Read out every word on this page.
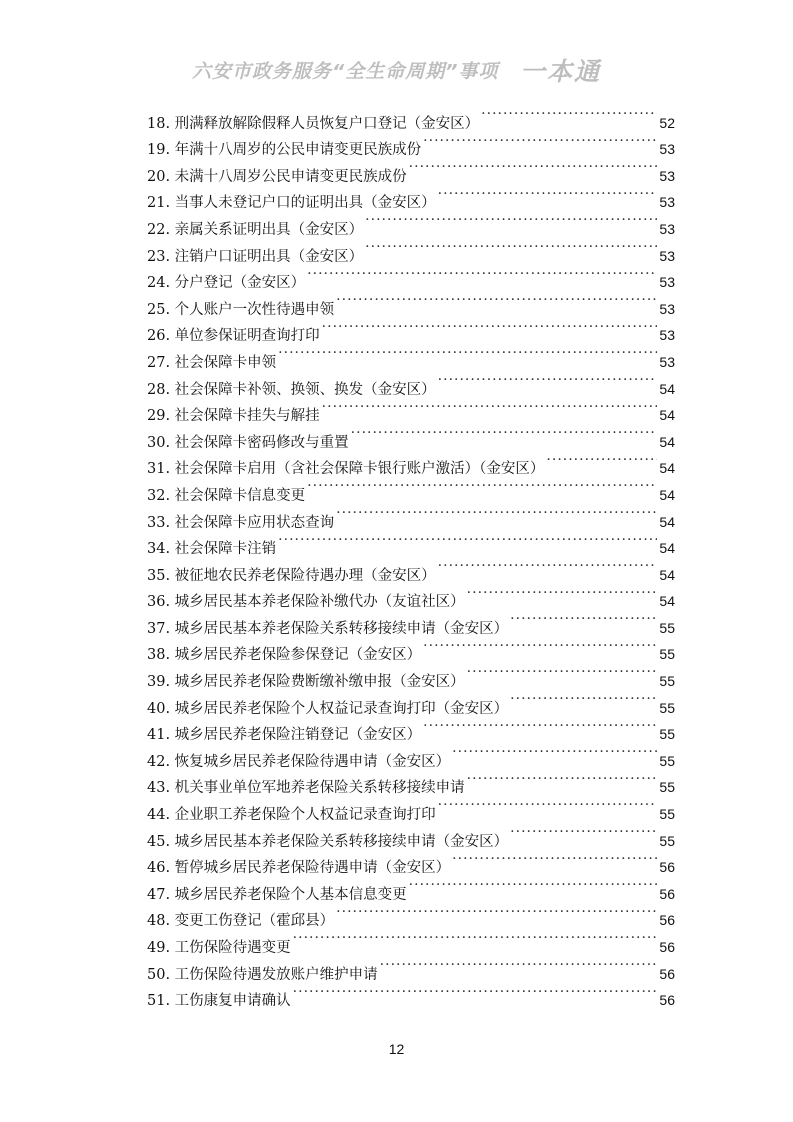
六安市政务服务“全生命周期”事项 一本通
18. 刑满释放解除假释人员恢复户口登记（金安区） ·····	52
19. 年满十八周岁的公民申请变更民族成份 ·····	53
20. 未满十八周岁公民申请变更民族成份 ·····	53
21. 当事人未登记户口的证明出具（金安区） ·····	53
22. 亲属关系证明出具（金安区） ·····	53
23. 注销户口证明出具（金安区） ·····	53
24. 分户登记（金安区） ·····	53
25. 个人账户一次性待遇申领 ·····	53
26. 单位参保证明查询打印 ·····	53
27. 社会保障卡申领 ·····	53
28. 社会保障卡补领、换领、换发（金安区） ·····	54
29. 社会保障卡挂失与解挂 ·····	54
30. 社会保障卡密码修改与重置 ·····	54
31. 社会保障卡启用（含社会保障卡银行账户激活）（金安区） ·····	54
32. 社会保障卡信息变更 ·····	54
33. 社会保障卡应用状态查询 ·····	54
34. 社会保障卡注销 ·····	54
35. 被征地农民养老保险待遇办理（金安区） ·····	54
36. 城乡居民基本养老保险补缴代办（友谊社区） ·····	54
37. 城乡居民基本养老保险关系转移接续申请（金安区） ·····	55
38. 城乡居民养老保险参保登记（金安区） ·····	55
39. 城乡居民养老保险费断缴补缴申报（金安区） ·····	55
40. 城乡居民养老保险个人权益记录查询打印（金安区） ·····	55
41. 城乡居民养老保险注销登记（金安区） ·····	55
42. 恢复城乡居民养老保险待遇申请（金安区） ·····	55
43. 机关事业单位军地养老保险关系转移接续申请 ·····	55
44. 企业职工养老保险个人权益记录查询打印 ·····	55
45. 城乡居民基本养老保险关系转移接续申请（金安区） ·····	55
46. 暂停城乡居民养老保险待遇申请（金安区） ·····	56
47. 城乡居民养老保险个人基本信息变更 ·····	56
48. 变更工伤登记（霍邱县） ·····	56
49. 工伤保险待遇变更 ·····	56
50. 工伤保险待遇发放账户维护申请 ·····	56
51. 工伤康复申请确认 ·····	56
12
